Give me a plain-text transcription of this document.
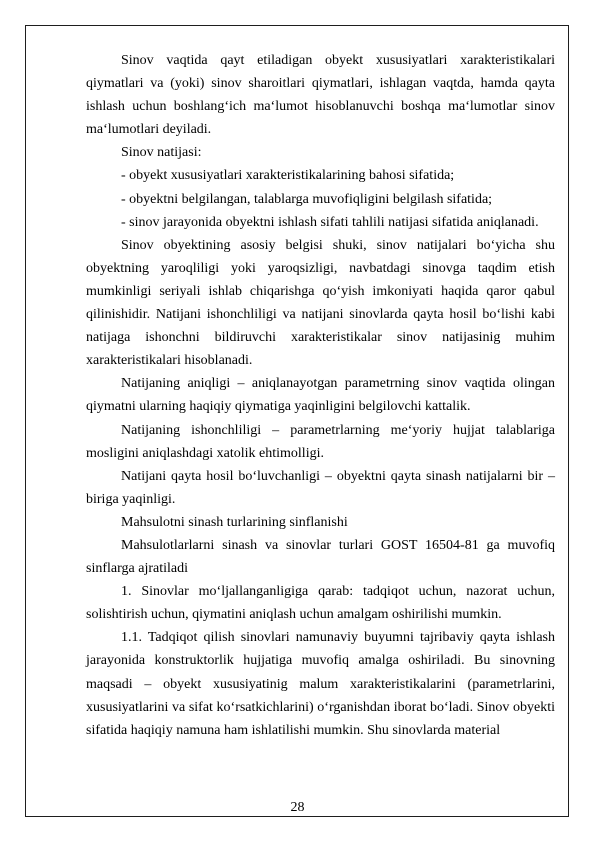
Sinov vaqtida qayt etiladigan obyekt xususiyatlari xarakteristikalari qiymatlari va (yoki) sinov sharoitlari qiymatlari, ishlagan vaqtda, hamda qayta ishlash uchun boshlang‘ich ma‘lumot hisoblanuvchi boshqa ma‘lumotlar sinov ma‘lumotlari deyiladi.

Sinov natijasi:

- obyekt xususiyatlari xarakteristikalarining bahosi sifatida;

- obyektni belgilangan, talablarga muvofiqligini belgilash sifatida;

- sinov jarayonida obyektni ishlash sifati tahlili natijasi sifatida aniqlanadi.

Sinov obyektining asosiy belgisi shuki, sinov natijalari bo‘yicha shu obyektning yaroqliligi yoki yaroqsizligi, navbatdagi sinovga taqdim etish mumkinligi seriyali ishlab chiqarishga qo‘yish imkoniyati haqida qaror qabul qilinishidir. Natijani ishonchliligi va natijani sinovlarda qayta hosil bo‘lishi kabi natijaga ishonchni bildiruvchi xarakteristikalar sinov natijasinig muhim xarakteristikalari hisoblanadi.

Natijaning aniqligi – aniqlanayotgan parametrning sinov vaqtida olingan qiymatni ularning haqiqiy qiymatiga yaqinligini belgilovchi kattalik.

Natijaning ishonchliligi – parametrlarning me‘yoriy hujjat talablariga mosligini aniqlashdagi xatolik ehtimolligi.

Natijani qayta hosil bo‘luvchanligi – obyektni qayta sinash natijalarni bir – biriga yaqinligi.

Mahsulotni sinash turlarining sinflanishi

Mahsulotlarlarni sinash va sinovlar turlari GOST 16504-81 ga muvofiq sinflarga ajratiladi

1. Sinovlar mo‘ljallanganligiga qarab: tadqiqot uchun, nazorat uchun, solishtirish uchun, qiymatini aniqlash uchun amalgam oshirilishi mumkin.

1.1. Tadqiqot qilish sinovlari namunaviy buyumni tajribaviy qayta ishlash jarayonida konstruktorlik hujjatiga muvofiq amalga oshiriladi. Bu sinovning maqsadi – obyekt xususiyatinig malum xarakteristikalarini (parametrlarini, xususiyatlarini va sifat ko‘rsatkichlarini) o‘rganishdan iborat bo‘ladi. Sinov obyekti sifatida haqiqiy namuna ham ishlatilishi mumkin. Shu sinovlarda material

28
